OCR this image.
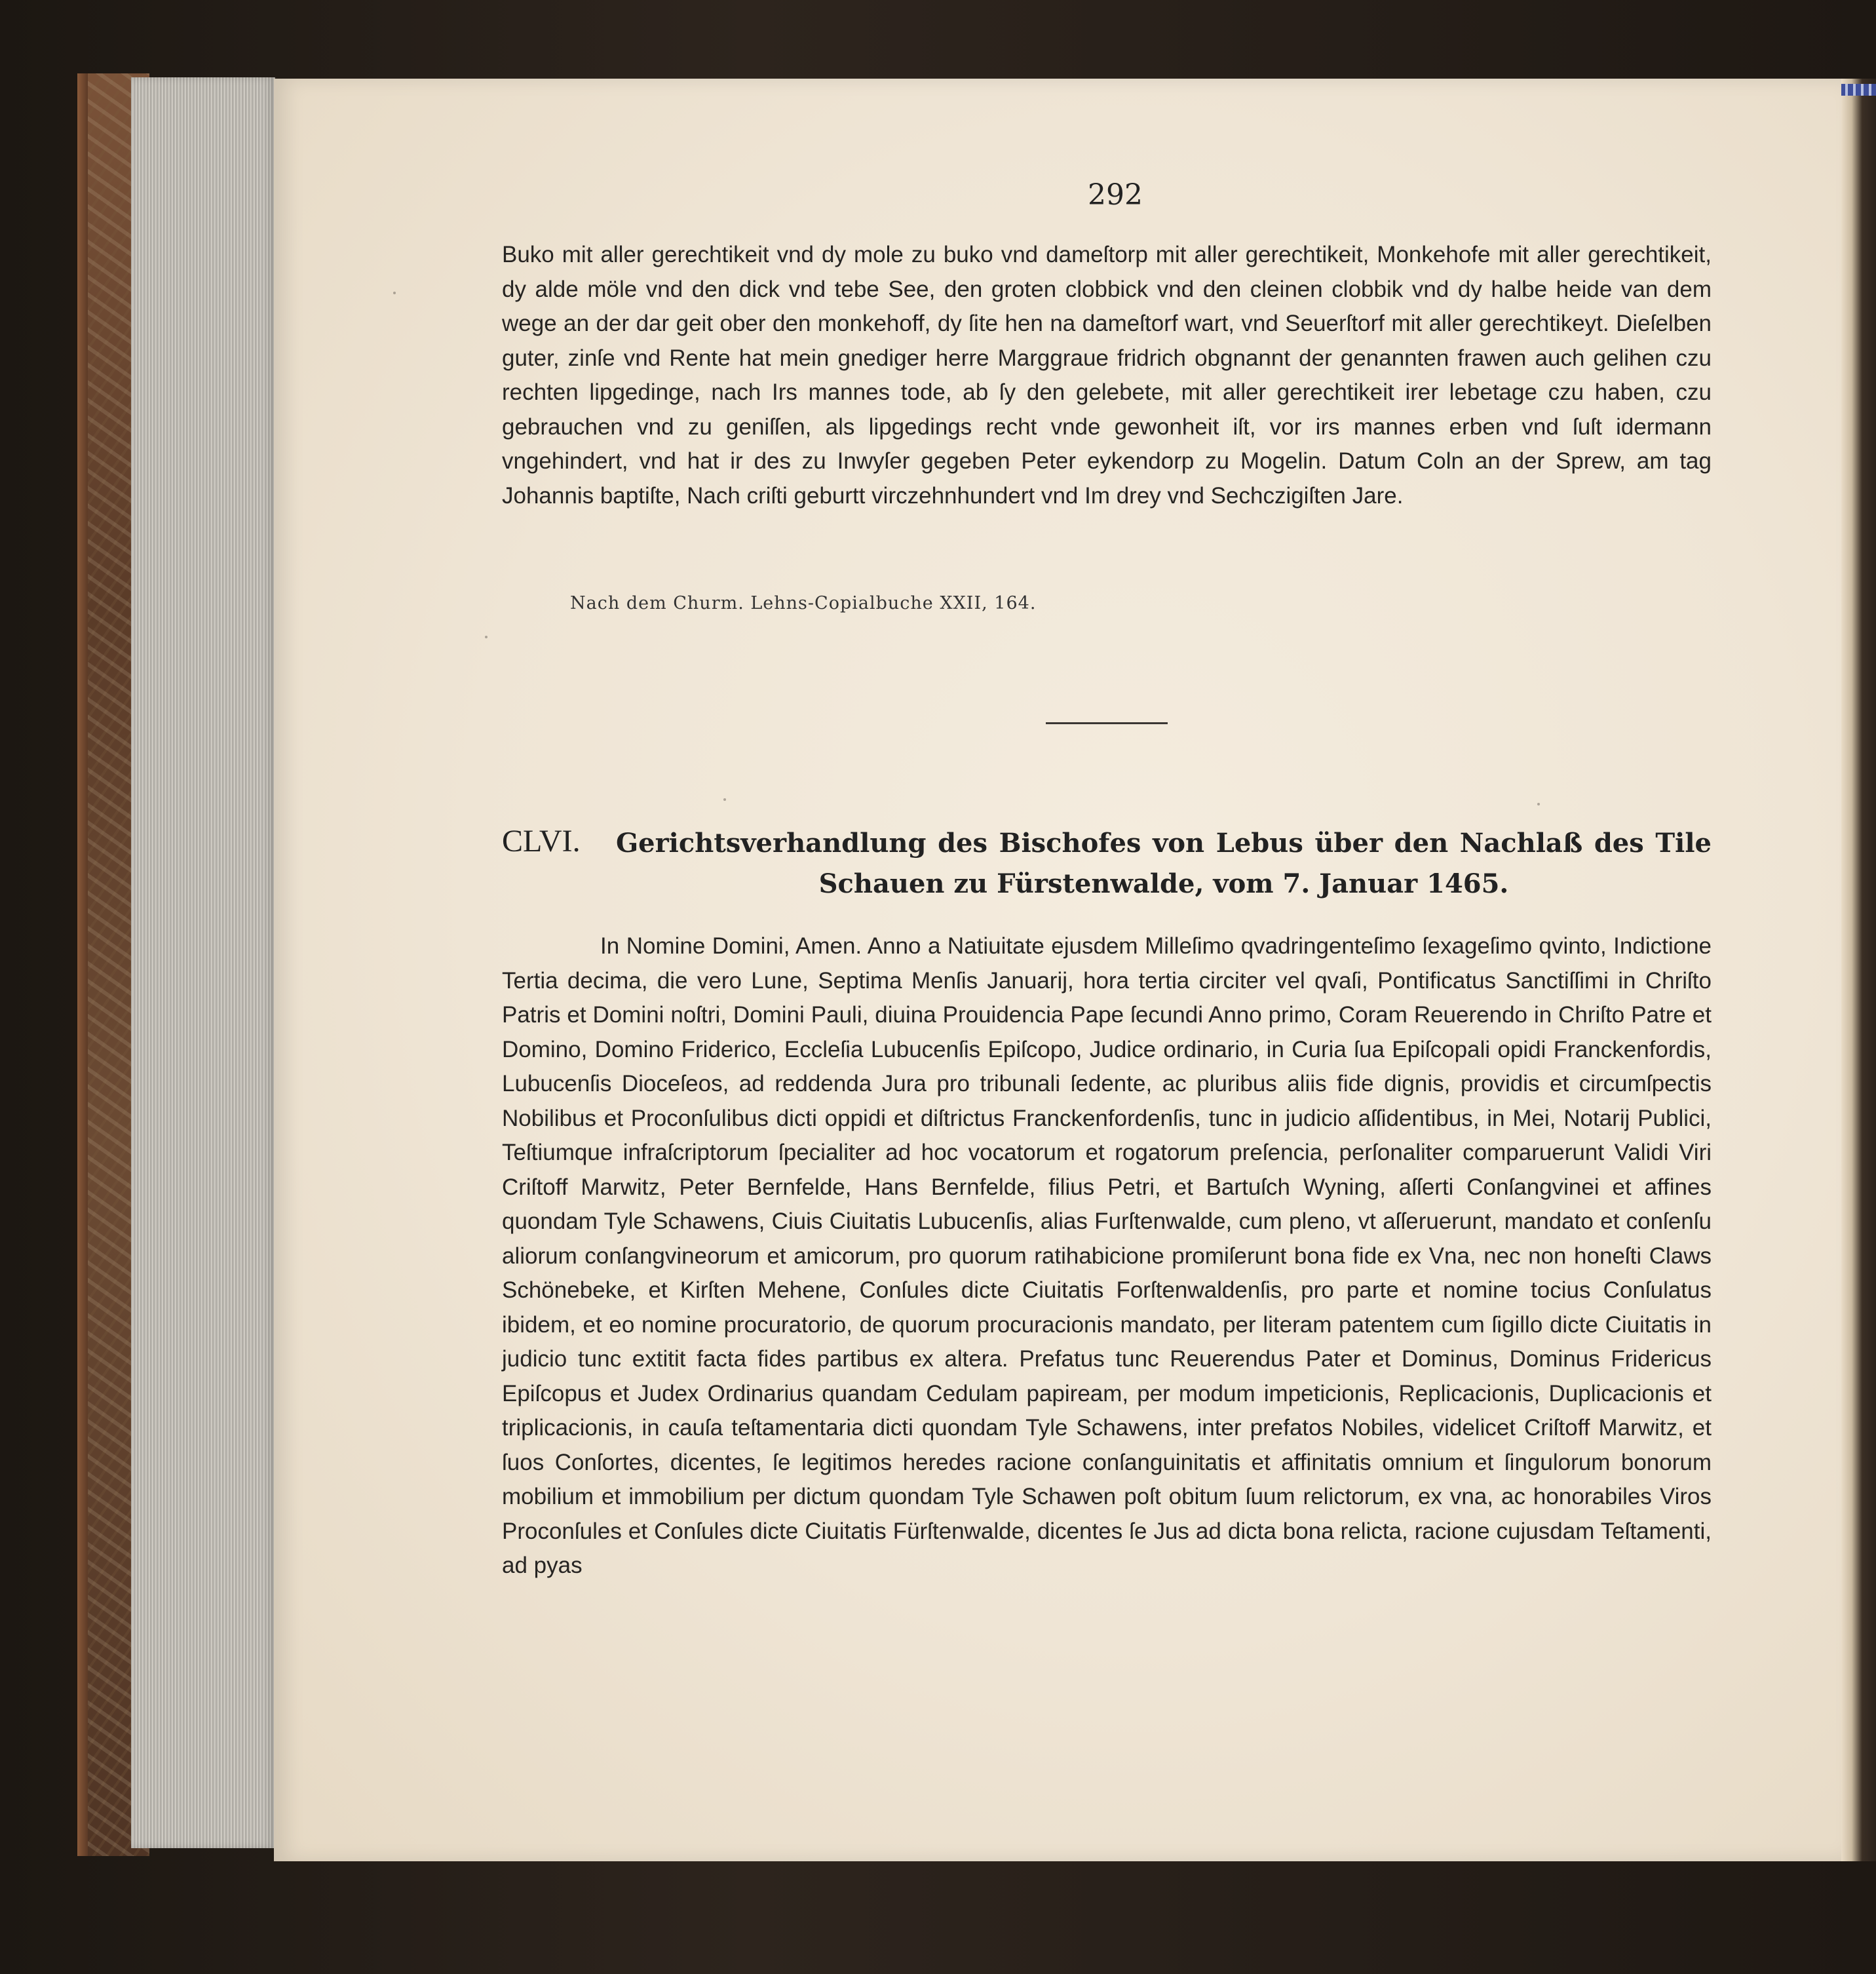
292

Buko mit aller gerechtikeit vnd dy mole zu buko vnd dameſtorp mit aller gerechtikeit, Monkehofe mit aller gerechtikeit, dy alde möle vnd den dick vnd tebe See, den groten clobbick vnd den cleinen clobbik vnd dy halbe heide van dem wege an der dar geit ober den monkehoff, dy ſite hen na dameſtorf wart, vnd Seuerſtorf mit aller gerechtikeyt. Dieſelben guter, zinſe vnd Rente hat mein gnediger herre Marggraue fridrich obgnannt der genannten frawen auch gelihen czu rechten lipgedinge, nach Irs mannes tode, ab ſy den gelebete, mit aller gerechtikeit irer lebetage czu haben, czu gebrauchen vnd zu geniſſen, als lipgedings recht vnde gewonheit iſt, vor irs mannes erben vnd ſuſt idermann vngehindert, vnd hat ir des zu Inwyſer gegeben Peter eykendorp zu Mogelin. Datum Coln an der Sprew, am tag Johannis baptiſte, Nach criſti geburtt virczehnhundert vnd Im drey vnd Sechczigiſten Jare.

Nach dem Churm. Lehns-Copialbuche XXII, 164.
CLVI. Gerichtsverhandlung des Bischofes von Lebus über den Nachlaß des Tile Schauen zu Fürstenwalde, vom 7. Januar 1465.

In Nomine Domini, Amen. Anno a Natiuitate ejusdem Milleſimo qvadringenteſimo ſexageſimo qvinto, Indictione Tertia decima, die vero Lune, Septima Menſis Januarij, hora tertia circiter vel qvaſi, Pontificatus Sanctiſſimi in Chriſto Patris et Domini noſtri, Domini Pauli, diuina Prouidencia Pape ſecundi Anno primo, Coram Reuerendo in Chriſto Patre et Domino, Domino Friderico, Eccleſia Lubucenſis Epiſcopo, Judice ordinario, in Curia ſua Epiſcopali opidi Franckenfordis, Lubucenſis Dioceſeos, ad reddenda Jura pro tribunali ſedente, ac pluribus aliis fide dignis, providis et circumſpectis Nobilibus et Proconſulibus dicti oppidi et diſtrictus Franckenfordenſis, tunc in judicio aſſidentibus, in Mei, Notarij Publici, Teſtiumque infraſcriptorum ſpecialiter ad hoc vocatorum et rogatorum preſencia, perſonaliter comparuerunt Validi Viri Criſtoff Marwitz, Peter Bernfelde, Hans Bernfelde, filius Petri, et Bartuſch Wyning, aſſerti Conſangvinei et affines quondam Tyle Schawens, Ciuis Ciuitatis Lubucenſis, alias Furſtenwalde, cum pleno, vt aſſeruerunt, mandato et conſenſu aliorum conſangvineorum et amicorum, pro quorum ratihabicione promiſerunt bona fide ex Vna, nec non honeſti Claws Schönebeke, et Kirſten Mehene, Conſules dicte Ciuitatis Forſtenwaldenſis, pro parte et nomine tocius Conſulatus ibidem, et eo nomine procuratorio, de quorum procuracionis mandato, per literam patentem cum ſigillo dicte Ciuitatis in judicio tunc extitit facta fides partibus ex altera. Prefatus tunc Reuerendus Pater et Dominus, Dominus Fridericus Epiſcopus et Judex Ordinarius quandam Cedulam papiream, per modum impeticionis, Replicacionis, Duplicacionis et triplicacionis, in cauſa teſtamentaria dicti quondam Tyle Schawens, inter prefatos Nobiles, videlicet Criſtoff Marwitz, et ſuos Conſortes, dicentes, ſe legitimos heredes racione conſanguinitatis et affinitatis omnium et ſingulorum bonorum mobilium et immobilium per dictum quondam Tyle Schawen poſt obitum ſuum relictorum, ex vna, ac honorabiles Viros Proconſules et Conſules dicte Ciuitatis Fürſtenwalde, dicentes ſe Jus ad dicta bona relicta, racione cujusdam Teſtamenti, ad pyas
